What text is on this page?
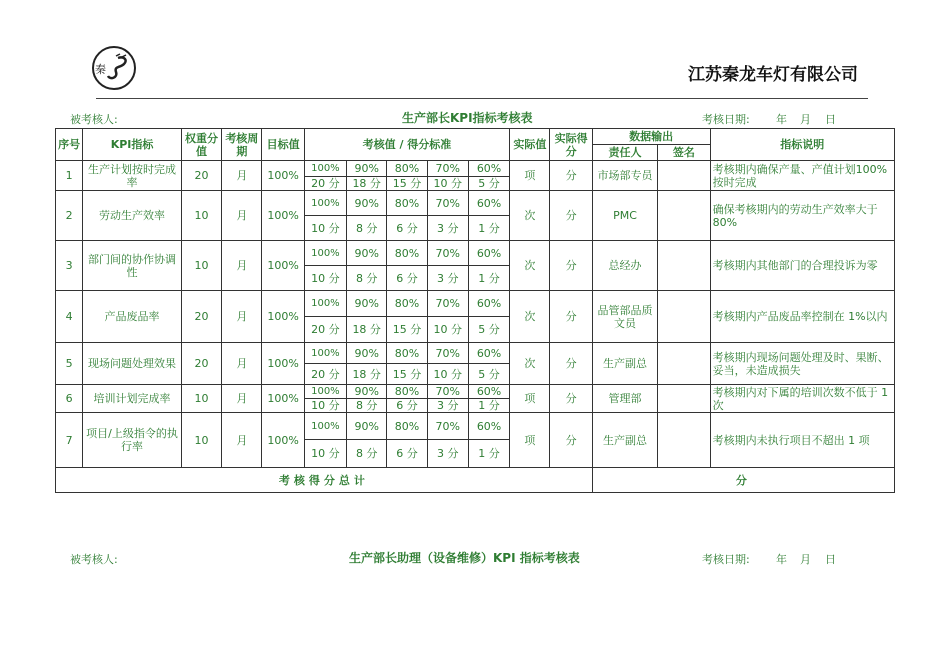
秦	江苏秦龙车灯有限公司
被考核人:	生产部长KPI指标考核表	考核日期: 年 月 日
序号	KPI指标	权重分值	考核周期	目标值	考核值 / 得分标准					实际值	实际得分	数据输出		指标说明
												责任人	签名	
1	生产计划按时完成率	20	月	100%	100%	90%	80%	70%	60%	项	分	市场部专员		考核期内确保产量、产值计划100%按时完成
					20 分	18 分	15 分	10 分	5 分					
2	劳动生产效率	10	月	100%	100%	90%	80%	70%	60%	次	分	PMC		确保考核期内的劳动生产效率大于 80%
					10 分	8 分	6 分	3 分	1 分					
3	部门间的协作协调性	10	月	100%	100%	90%	80%	70%	60%	次	分	总经办		考核期内其他部门的合理投诉为零
					10 分	8 分	6 分	3 分	1 分					
4	产品废品率	20	月	100%	100%	90%	80%	70%	60%	次	分	品管部品质文员		考核期内产品废品率控制在 1%以内
					20 分	18 分	15 分	10 分	5 分					
5	现场问题处理效果	20	月	100%	100%	90%	80%	70%	60%	次	分	生产副总		考核期内现场问题处理及时、果断、妥当，未造成损失
					20 分	18 分	15 分	10 分	5 分					
6	培训计划完成率	10	月	100%	100%	90%	80%	70%	60%	项	分	管理部		考核期内对下属的培训次数不低于 1 次
					10 分	8 分	6 分	3 分	1 分					
7	项目/上级指令的执行率	10	月	100%	100%	90%	80%	70%	60%	项	分	生产副总		考核期内未执行项目不超出 1 项
					10 分	8 分	6 分	3 分	1 分					
考核得分总计												分		
被考核人:	生产部长助理（设备维修）KPI 指标考核表	考核日期: 年 月 日
